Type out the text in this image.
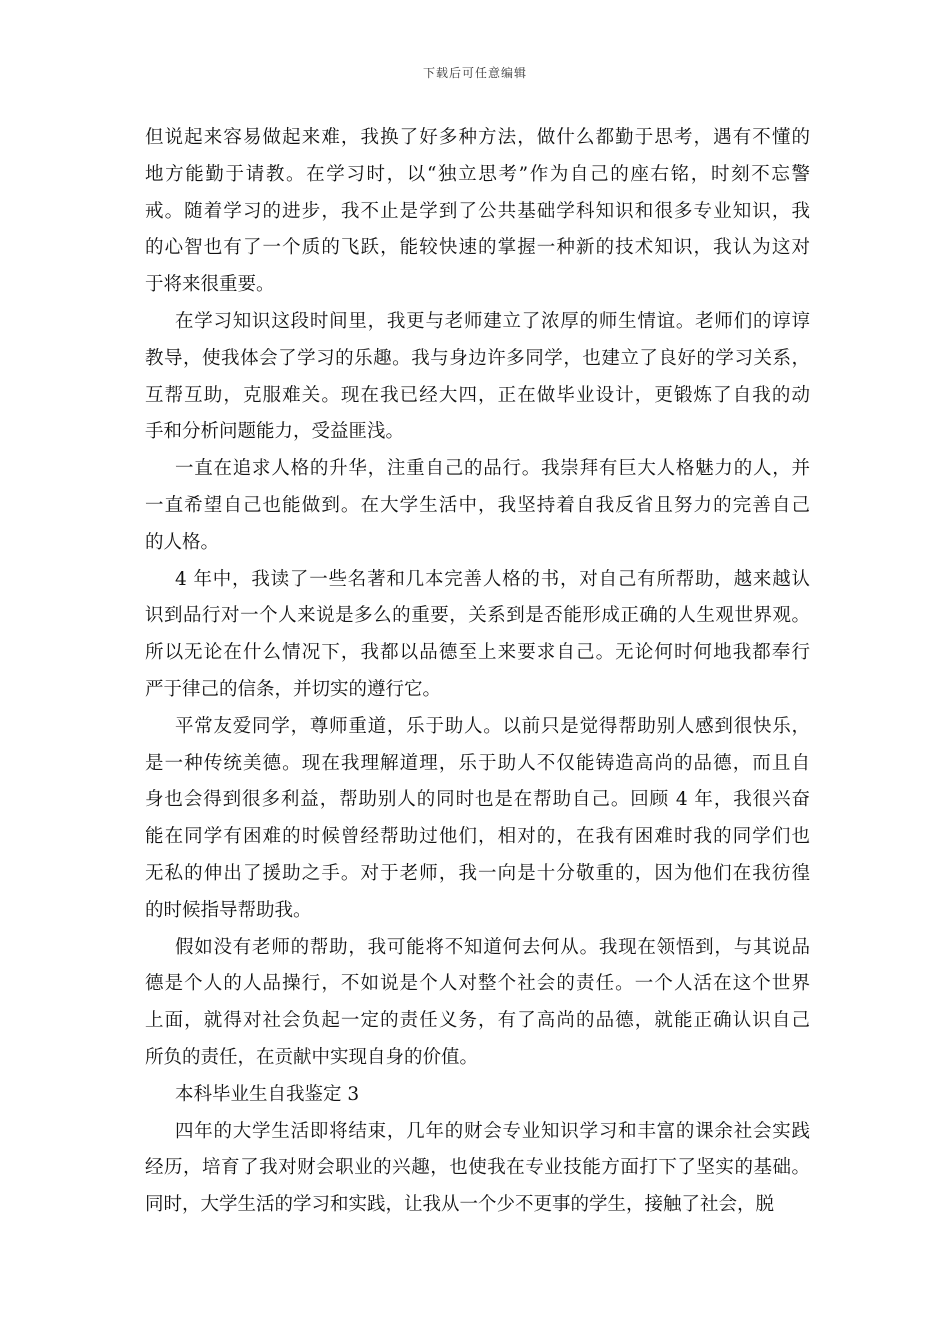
下载后可任意编辑
但说起来容易做起来难，我换了好多种方法，做什么都勤于思考，遇有不懂的
地方能勤于请教。在学习时，以“独立思考”作为自己的座右铭，时刻不忘警
戒。随着学习的进步，我不止是学到了公共基础学科知识和很多专业知识，我
的心智也有了一个质的飞跃，能较快速的掌握一种新的技术知识，我认为这对
于将来很重要。
在学习知识这段时间里，我更与老师建立了浓厚的师生情谊。老师们的谆谆
教导，使我体会了学习的乐趣。我与身边许多同学，也建立了良好的学习关系，
互帮互助，克服难关。现在我已经大四，正在做毕业设计，更锻炼了自我的动
手和分析问题能力，受益匪浅。
一直在追求人格的升华，注重自己的品行。我崇拜有巨大人格魅力的人，并
一直希望自己也能做到。在大学生活中，我坚持着自我反省且努力的完善自己
的人格。
4 年中，我读了一些名著和几本完善人格的书，对自己有所帮助，越来越认
识到品行对一个人来说是多么的重要，关系到是否能形成正确的人生观世界观。
所以无论在什么情况下，我都以品德至上来要求自己。无论何时何地我都奉行
严于律己的信条，并切实的遵行它。
平常友爱同学，尊师重道，乐于助人。以前只是觉得帮助别人感到很快乐，
是一种传统美德。现在我理解道理，乐于助人不仅能铸造高尚的品德，而且自
身也会得到很多利益，帮助别人的同时也是在帮助自己。回顾 4 年，我很兴奋
能在同学有困难的时候曾经帮助过他们，相对的，在我有困难时我的同学们也
无私的伸出了援助之手。对于老师，我一向是十分敬重的，因为他们在我彷徨
的时候指导帮助我。
假如没有老师的帮助，我可能将不知道何去何从。我现在领悟到，与其说品
德是个人的人品操行，不如说是个人对整个社会的责任。一个人活在这个世界
上面，就得对社会负起一定的责任义务，有了高尚的品德，就能正确认识自己
所负的责任，在贡献中实现自身的价值。
本科毕业生自我鉴定 3
四年的大学生活即将结束，几年的财会专业知识学习和丰富的课余社会实践
经历，培育了我对财会职业的兴趣，也使我在专业技能方面打下了坚实的基础。
同时，大学生活的学习和实践，让我从一个少不更事的学生，接触了社会，脱
